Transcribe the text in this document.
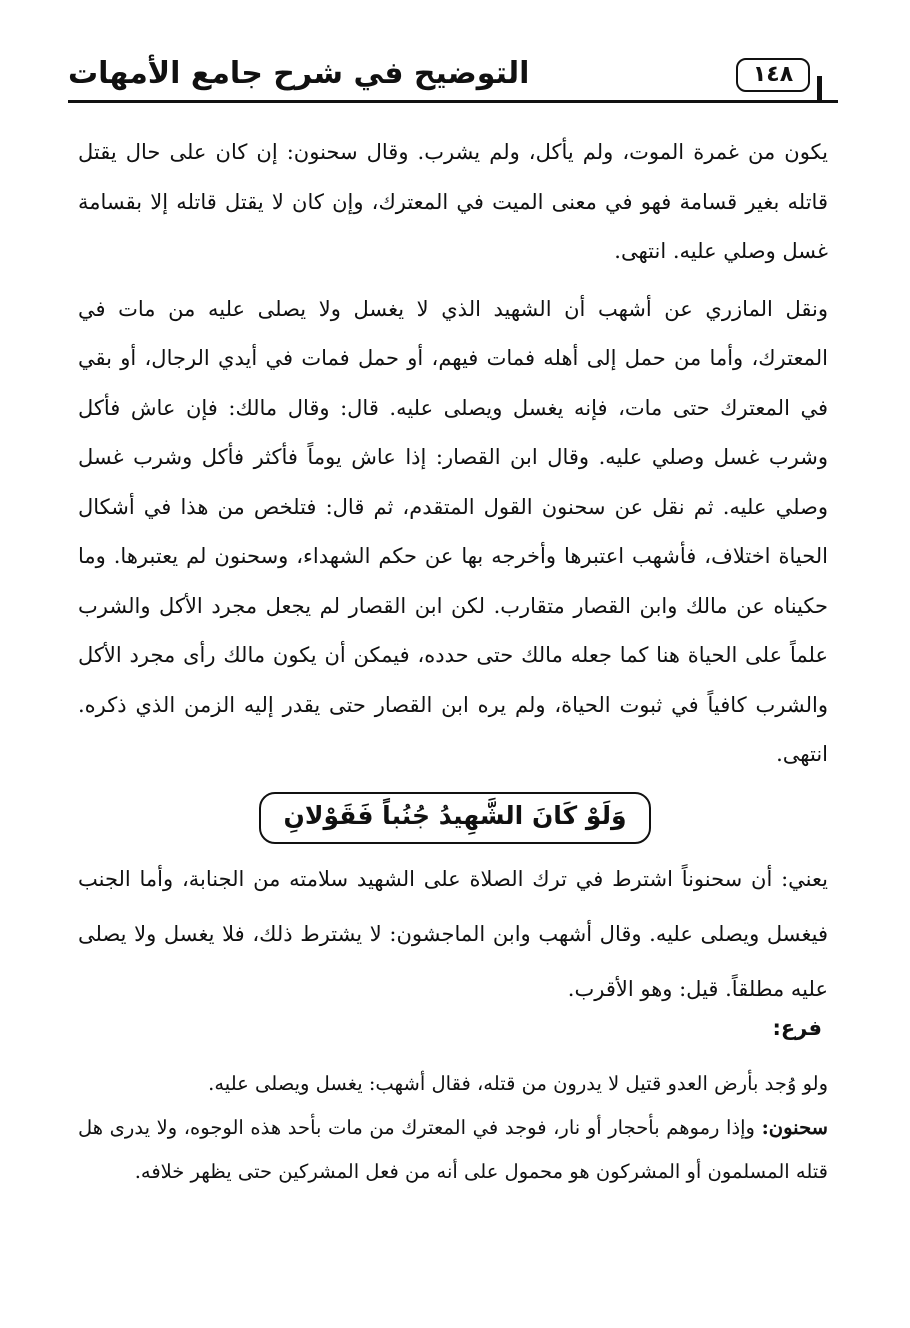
التوضيح في شرح جامع الأمهات	١٤٨

يكون من غمرة الموت، ولم يأكل، ولم يشرب. وقال سحنون: إن كان على حال يقتل قاتله بغير قسامة فهو في معنى الميت في المعترك، وإن كان لا يقتل قاتله إلا بقسامة غسل وصلي عليه. انتهى.

ونقل المازري عن أشهب أن الشهيد الذي لا يغسل ولا يصلى عليه من مات في المعترك، وأما من حمل إلى أهله فمات فيهم، أو حمل فمات في أيدي الرجال، أو بقي في المعترك حتى مات، فإنه يغسل ويصلى عليه. قال: وقال مالك: فإن عاش فأكل وشرب غسل وصلي عليه. وقال ابن القصار: إذا عاش يوماً فأكثر فأكل وشرب غسل وصلي عليه. ثم نقل عن سحنون القول المتقدم، ثم قال: فتلخص من هذا في أشكال الحياة اختلاف، فأشهب اعتبرها وأخرجه بها عن حكم الشهداء، وسحنون لم يعتبرها. وما حكيناه عن مالك وابن القصار متقارب. لكن ابن القصار لم يجعل مجرد الأكل والشرب علماً على الحياة هنا كما جعله مالك حتى حدده، فيمكن أن يكون مالك رأى مجرد الأكل والشرب كافياً في ثبوت الحياة، ولم يره ابن القصار حتى يقدر إليه الزمن الذي ذكره. انتهى.

وَلَوْ كَانَ الشَّهِيدُ جُنُباً فَقَوْلانِ

يعني: أن سحنوناً اشترط في ترك الصلاة على الشهيد سلامته من الجنابة، وأما الجنب فيغسل ويصلى عليه. وقال أشهب وابن الماجشون: لا يشترط ذلك، فلا يغسل ولا يصلى عليه مطلقاً. قيل: وهو الأقرب.

فرع:

ولو وُجد بأرض العدو قتيل لا يدرون من قتله، فقال أشهب: يغسل ويصلى عليه.

سحنون: وإذا رموهم بأحجار أو نار، فوجد في المعترك من مات بأحد هذه الوجوه، ولا يدرى هل قتله المسلمون أو المشركون هو محمول على أنه من فعل المشركين حتى يظهر خلافه.
